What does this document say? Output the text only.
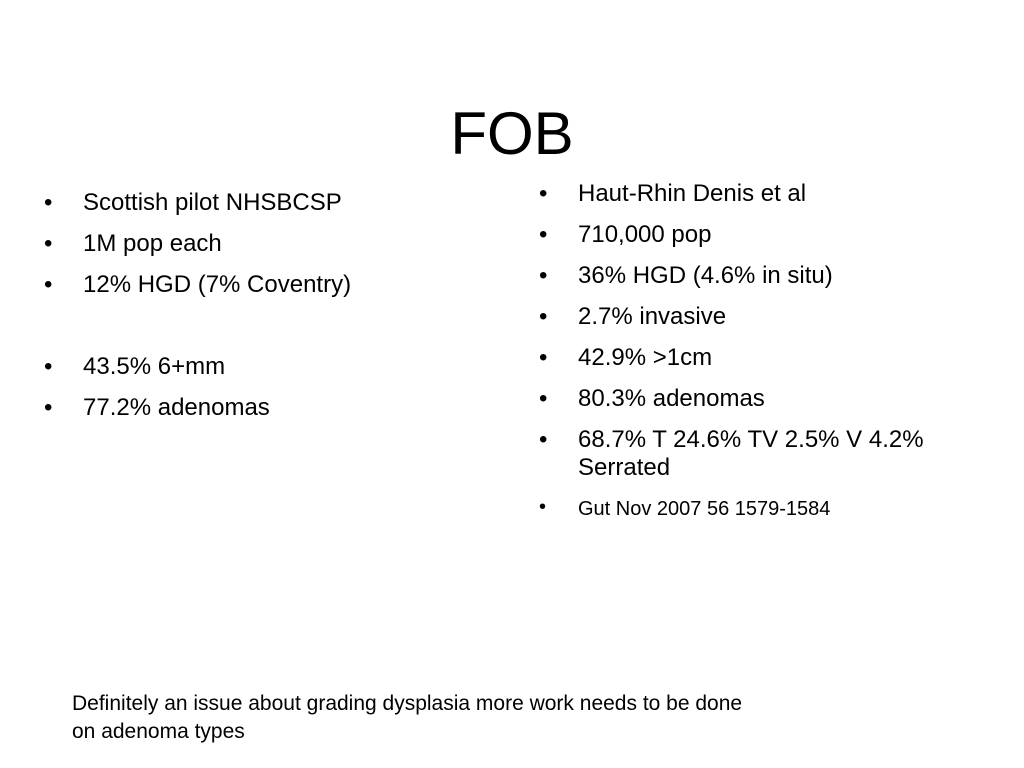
FOB
• Scottish pilot NHSBCSP
• 1M pop each
• 12% HGD (7% Coventry)
• 43.5% 6+mm
• 77.2% adenomas
• Haut-Rhin Denis et al
• 710,000 pop
• 36% HGD (4.6% in situ)
• 2.7% invasive
• 42.9% >1cm
• 80.3% adenomas
• 68.7% T 24.6% TV 2.5% V 4.2% Serrated
• Gut Nov 2007 56 1579-1584

Definitely an issue about grading dysplasia more work needs to be done
on adenoma types
